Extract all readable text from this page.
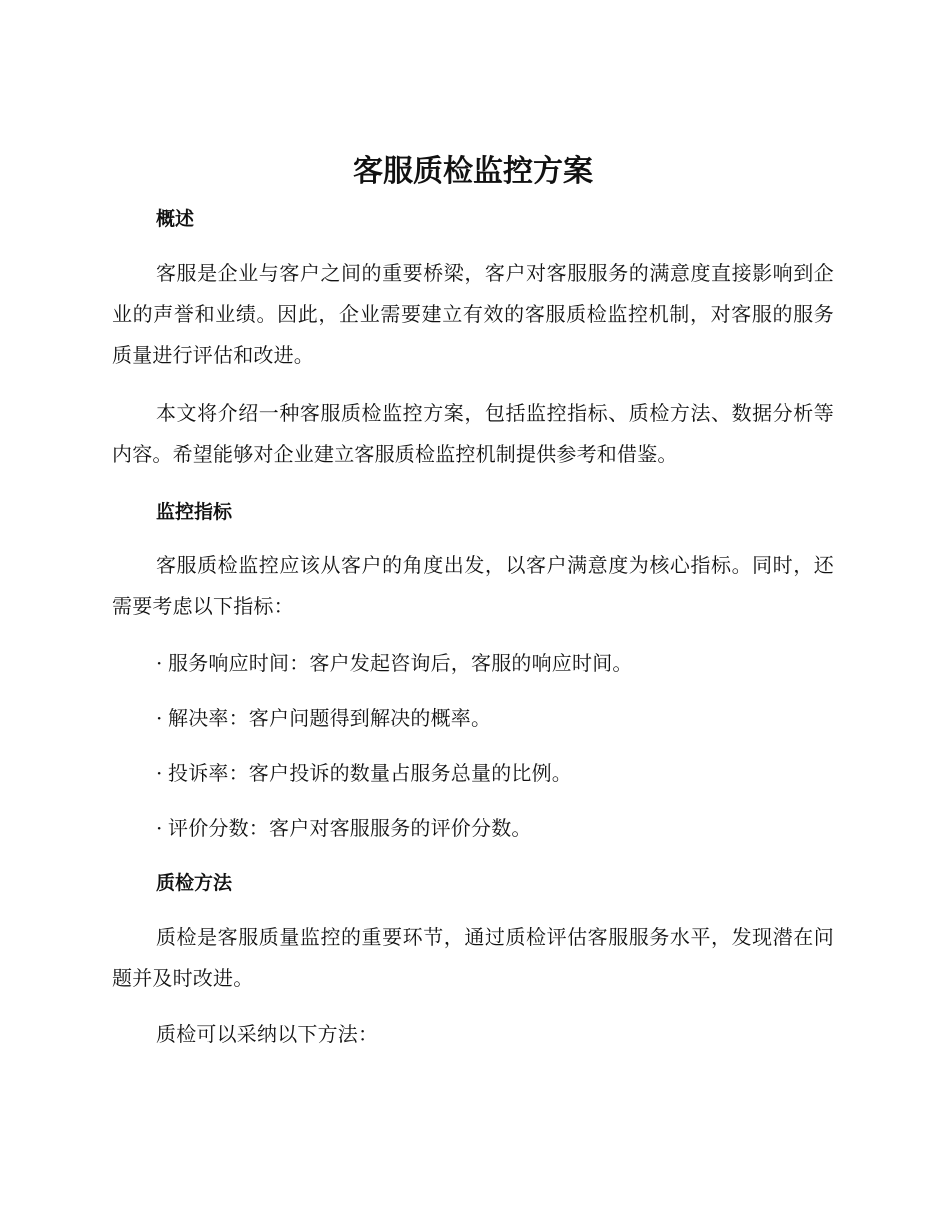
客服质检监控方案
概述

客服是企业与客户之间的重要桥梁，客户对客服服务的满意度直接影响到企业的声誉和业绩。因此，企业需要建立有效的客服质检监控机制，对客服的服务质量进行评估和改进。

本文将介绍一种客服质检监控方案，包括监控指标、质检方法、数据分析等内容。希望能够对企业建立客服质检监控机制提供参考和借鉴。

监控指标

客服质检监控应该从客户的角度出发，以客户满意度为核心指标。同时，还需要考虑以下指标：

· 服务响应时间：客户发起咨询后，客服的响应时间。

· 解决率：客户问题得到解决的概率。

· 投诉率：客户投诉的数量占服务总量的比例。

· 评价分数：客户对客服服务的评价分数。

质检方法

质检是客服质量监控的重要环节，通过质检评估客服服务水平，发现潜在问题并及时改进。

质检可以采纳以下方法：
